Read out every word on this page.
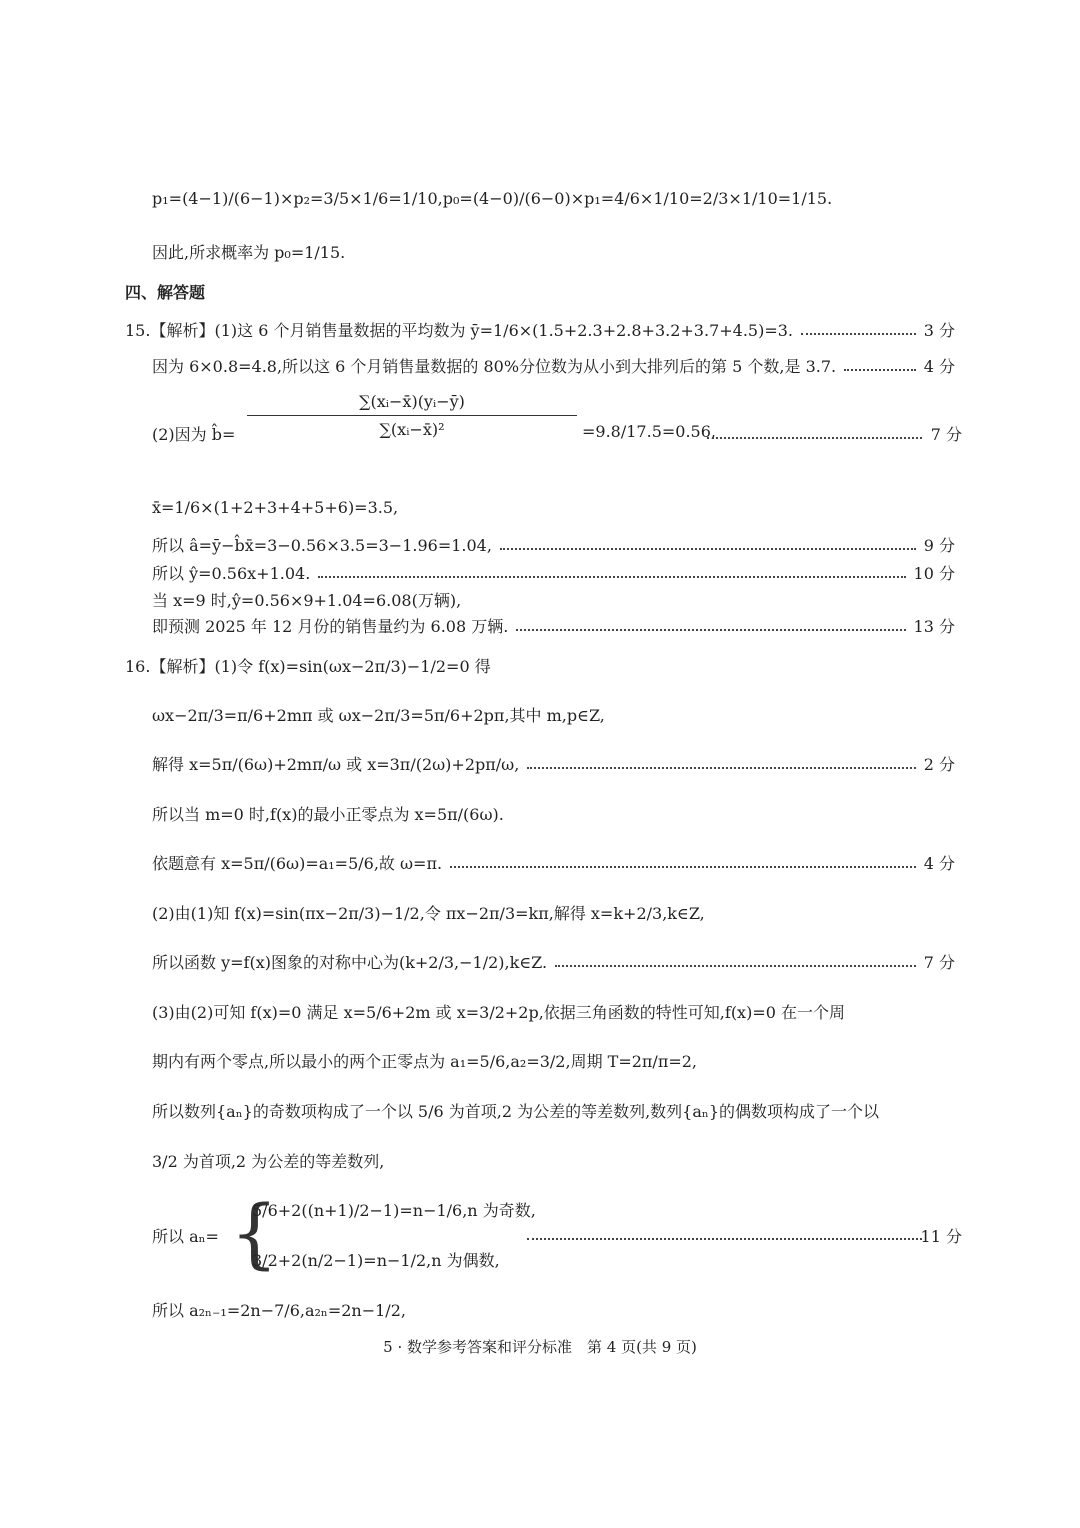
p₁=(4−1)/(6−1)×p₂=3/5×1/6=1/10,p₀=(4−0)/(6−0)×p₁=4/6×1/10=2/3×1/10=1/15.
因此,所求概率为 p₀=1/15.
四、解答题
15.【解析】(1)这 6 个月销售量数据的平均数为 ȳ=1/6×(1.5+2.3+2.8+3.2+3.7+4.5)=3.	3 分
因为 6×0.8=4.8,所以这 6 个月销售量数据的 80%分位数为从小到大排列后的第 5 个数,是 3.7.	4 分
(2)因为 b̂= $\frac{\text{∑(xᵢ−x̄)(yᵢ−ȳ)}}{\text{∑(xᵢ−x̄)²}} =9.8/17.5=0.56$,	7 分
x̄=1/6×(1+2+3+4+5+6)=3.5,
所以 â=ȳ−b̂x̄=3−0.56×3.5=3−1.96=1.04,	9 分
所以 ŷ=0.56x+1.04.	10 分
当 x=9 时,ŷ=0.56×9+1.04=6.08(万辆),
即预测 2025 年 12 月份的销售量约为 6.08 万辆.	13 分
16.【解析】(1)令 f(x)=sin(ωx−2π/3)−1/2=0 得
ωx−2π/3=π/6+2mπ 或 ωx−2π/3=5π/6+2pπ,其中 m,p∈Z,
解得 x=5π/(6ω)+2mπ/ω 或 x=3π/(2ω)+2pπ/ω,	2 分
所以当 m=0 时,f(x)的最小正零点为 x=5π/(6ω).
依题意有 x=5π/(6ω)=a₁=5/6,故 ω=π.	4 分
(2)由(1)知 f(x)=sin(πx−2π/3)−1/2,令 πx−2π/3=kπ,解得 x=k+2/3,k∈Z,
所以函数 y=f(x)图象的对称中心为(k+2/3,−1/2),k∈Z.	7 分
(3)由(2)可知 f(x)=0 满足 x=5/6+2m 或 x=3/2+2p,依据三角函数的特性可知,f(x)=0 在一个周
期内有两个零点,所以最小的两个正零点为 a₁=5/6,a₂=3/2,周期 T=2π/π=2,
所以数列{aₙ}的奇数项构成了一个以 5/6 为首项,2 为公差的等差数列,数列{aₙ}的偶数项构成了一个以
3/2 为首项,2 为公差的等差数列,
所以 aₙ= {
5/6+2((n+1)/2−1)=n−1/6,n 为奇数,
3/2+2(n/2−1)=n−1/2,n 为偶数,
11 分
所以 a₂ₙ₋₁=2n−7/6,a₂ₙ=2n−1/2,
5 · 数学参考答案和评分标准　第 4 页(共 9 页)
